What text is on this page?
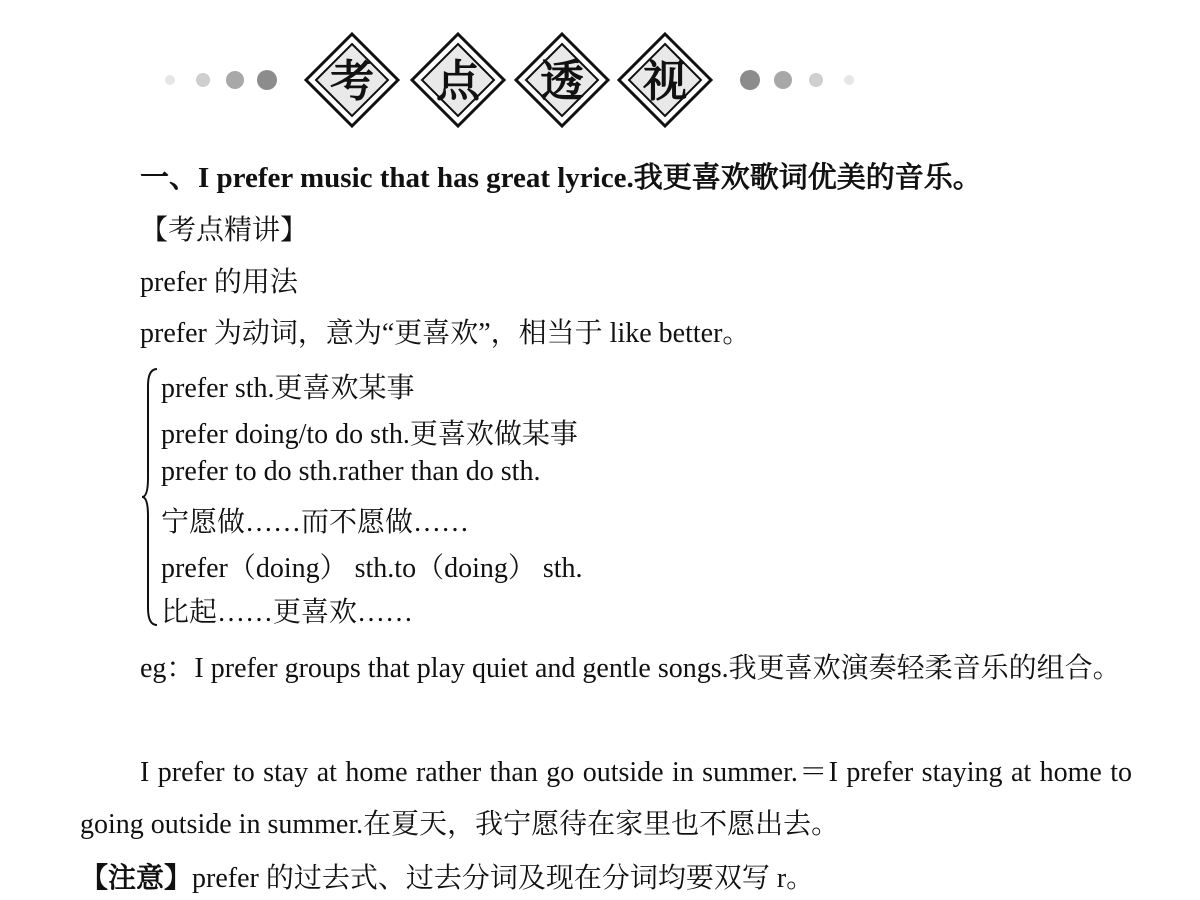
考 点 透 视
一、I prefer music that has great lyrice.我更喜欢歌词优美的音乐。
【考点精讲】
prefer 的用法
prefer 为动词，意为“更喜欢”，相当于 like better。
prefer sth.更喜欢某事
prefer doing/to do sth.更喜欢做某事
prefer to do sth.rather than do sth.
宁愿做……而不愿做……
prefer（doing） sth.to（doing） sth.
比起……更喜欢……
eg：I prefer groups that play quiet and gentle songs.我更喜欢演奏轻柔音乐的组合。
I prefer to stay at home rather than go outside in summer.＝I prefer staying at home to going outside in summer.在夏天，我宁愿待在家里也不愿出去。
【注意】prefer 的过去式、过去分词及现在分词均要双写 r。
